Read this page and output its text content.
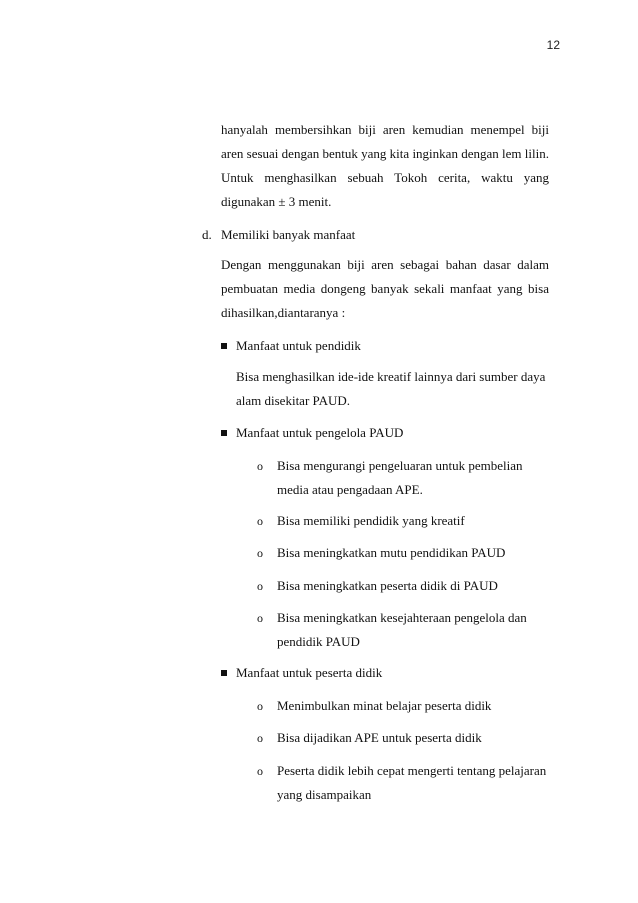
12
hanyalah membersihkan biji aren kemudian menempel biji
aren sesuai dengan bentuk yang kita inginkan dengan lem lilin.
Untuk menghasilkan sebuah Tokoh cerita, waktu yang
digunakan ± 3 menit.
d. Memiliki banyak manfaat
Dengan menggunakan biji aren sebagai bahan dasar dalam
pembuatan media dongeng banyak sekali manfaat yang bisa
dihasilkan,diantaranya :
Manfaat untuk pendidik
Bisa menghasilkan ide-ide kreatif lainnya dari sumber daya
alam disekitar PAUD.
Manfaat untuk pengelola PAUD
o Bisa mengurangi pengeluaran untuk pembelian
media atau pengadaan APE.
o Bisa memiliki pendidik yang kreatif
o Bisa meningkatkan mutu pendidikan PAUD
o Bisa meningkatkan peserta didik di PAUD
o Bisa meningkatkan kesejahteraan pengelola dan
pendidik PAUD
Manfaat untuk peserta didik
o Menimbulkan minat belajar peserta didik
o Bisa dijadikan APE untuk peserta didik
o Peserta didik lebih cepat mengerti tentang pelajaran
yang disampaikan
